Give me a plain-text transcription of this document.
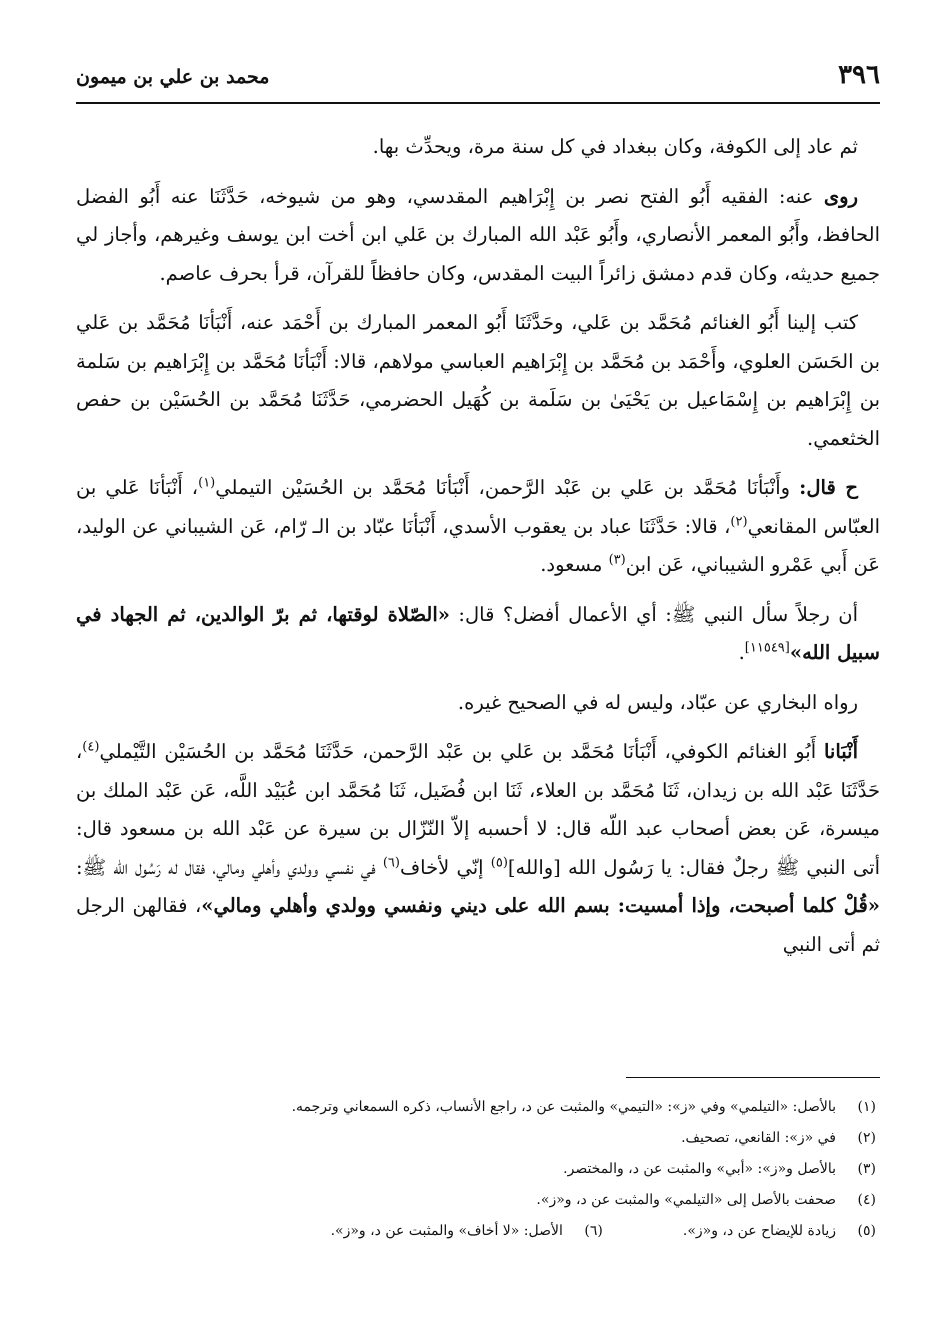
٣٩٦
محمد بن علي بن ميمون

ثم عاد إلى الكوفة، وكان ببغداد في كل سنة مرة، ويحدِّث بها.

روى عنه: الفقيه أَبُو الفتح نصر بن إِبْرَاهيم المقدسي، وهو من شيوخه، حَدَّثَنَا عنه أَبُو الفضل الحافظ، وأَبُو المعمر الأنصاري، وأَبُو عَبْد الله المبارك بن عَلي ابن أخت ابن يوسف وغيرهم، وأجاز لي جميع حديثه، وكان قدم دمشق زائراً البيت المقدس، وكان حافظاً للقرآن، قرأ بحرف عاصم.

كتب إلينا أَبُو الغنائم مُحَمَّد بن عَلي، وحَدَّثَنَا أَبُو المعمر المبارك بن أَحْمَد عنه، أَنْبَأنَا مُحَمَّد بن عَلي بن الحَسَن العلوي، وأَحْمَد بن مُحَمَّد بن إِبْرَاهيم العباسي مولاهم، قالا: أَنْبَأنَا مُحَمَّد بن إِبْرَاهيم بن سَلمة بن إِبْرَاهيم بن إِسْمَاعيل بن يَحْيَىٰ بن سَلَمة بن كُهَيل الحضرمي، حَدَّثَنَا مُحَمَّد بن الحُسَيْن بن حفص الخثعمي.

ح قال: وأَنْبَأنَا مُحَمَّد بن عَلي بن عَبْد الرَّحمن، أَنْبَأنَا مُحَمَّد بن الحُسَيْن التيملي$^{(١)}$، أَنْبَأنَا عَلي بن العبّاس المقانعي$^{(٢)}$، قالا: حَدَّثَنَا عباد بن يعقوب الأسدي، أَنْبَأنَا عبّاد بن الـ رّام، عَن الشيباني عن الوليد، عَن أَبي عَمْرو الشيباني، عَن ابن$^{(٣)}$ مسعود.

أن رجلاً سأل النبي ﷺ: أي الأعمال أفضل؟ قال: «الصّلاة لوقتها، ثم برّ الوالدين، ثم الجهاد في سبيل الله»[١١٥٤٩].

رواه البخاري عن عبّاد، وليس له في الصحيح غيره.

أَنْبَانا أَبُو الغنائم الكوفي، أَنْبَأنَا مُحَمَّد بن عَلي بن عَبْد الرَّحمن، حَدَّثَنَا مُحَمَّد بن الحُسَيْن التَّيْملي$^{(٤)}$، حَدَّثَنَا عَبْد الله بن زيدان، ثَنَا مُحَمَّد بن العلاء، ثَنَا ابن فُضَيل، ثَنَا مُحَمَّد ابن عُبَيْد اللَّه، عَن عَبْد الملك بن ميسرة، عَن بعض أصحاب عبد اللّه قال: لا أحسبه إلاّ النّزّال بن سيرة عن عَبْد الله بن مسعود قال: أتى النبي ﷺ رجلٌ فقال: يا رَسُول الله [والله]$^{(٥)}$ إنّي لأخاف$^{(٦)}$ في نفسي وولدي وأهلي ومالي، فقال له رَسُول الله ﷺ: «قُلْ كلما أصبحت، وإذا أمسيت: بسم الله على ديني ونفسي وولدي وأهلي ومالي»، فقالهن الرجل ثم أتى النبي

(١)بالأصل: «التيلمي» وفي «ز»: «التيمي» والمثبت عن د، راجع الأنساب، ذكره السمعاني وترجمه.
(٢)في «ز»: القانعي، تصحيف.
(٣)بالأصل و«ز»: «أبي» والمثبت عن د، والمختصر.
(٤)صحفت بالأصل إلى «التيلمي» والمثبت عن د، و«ز».
(٥)زيادة للإيضاح عن د، و«ز».
(٦)الأصل: «لا أخاف» والمثبت عن د، و«ز».
